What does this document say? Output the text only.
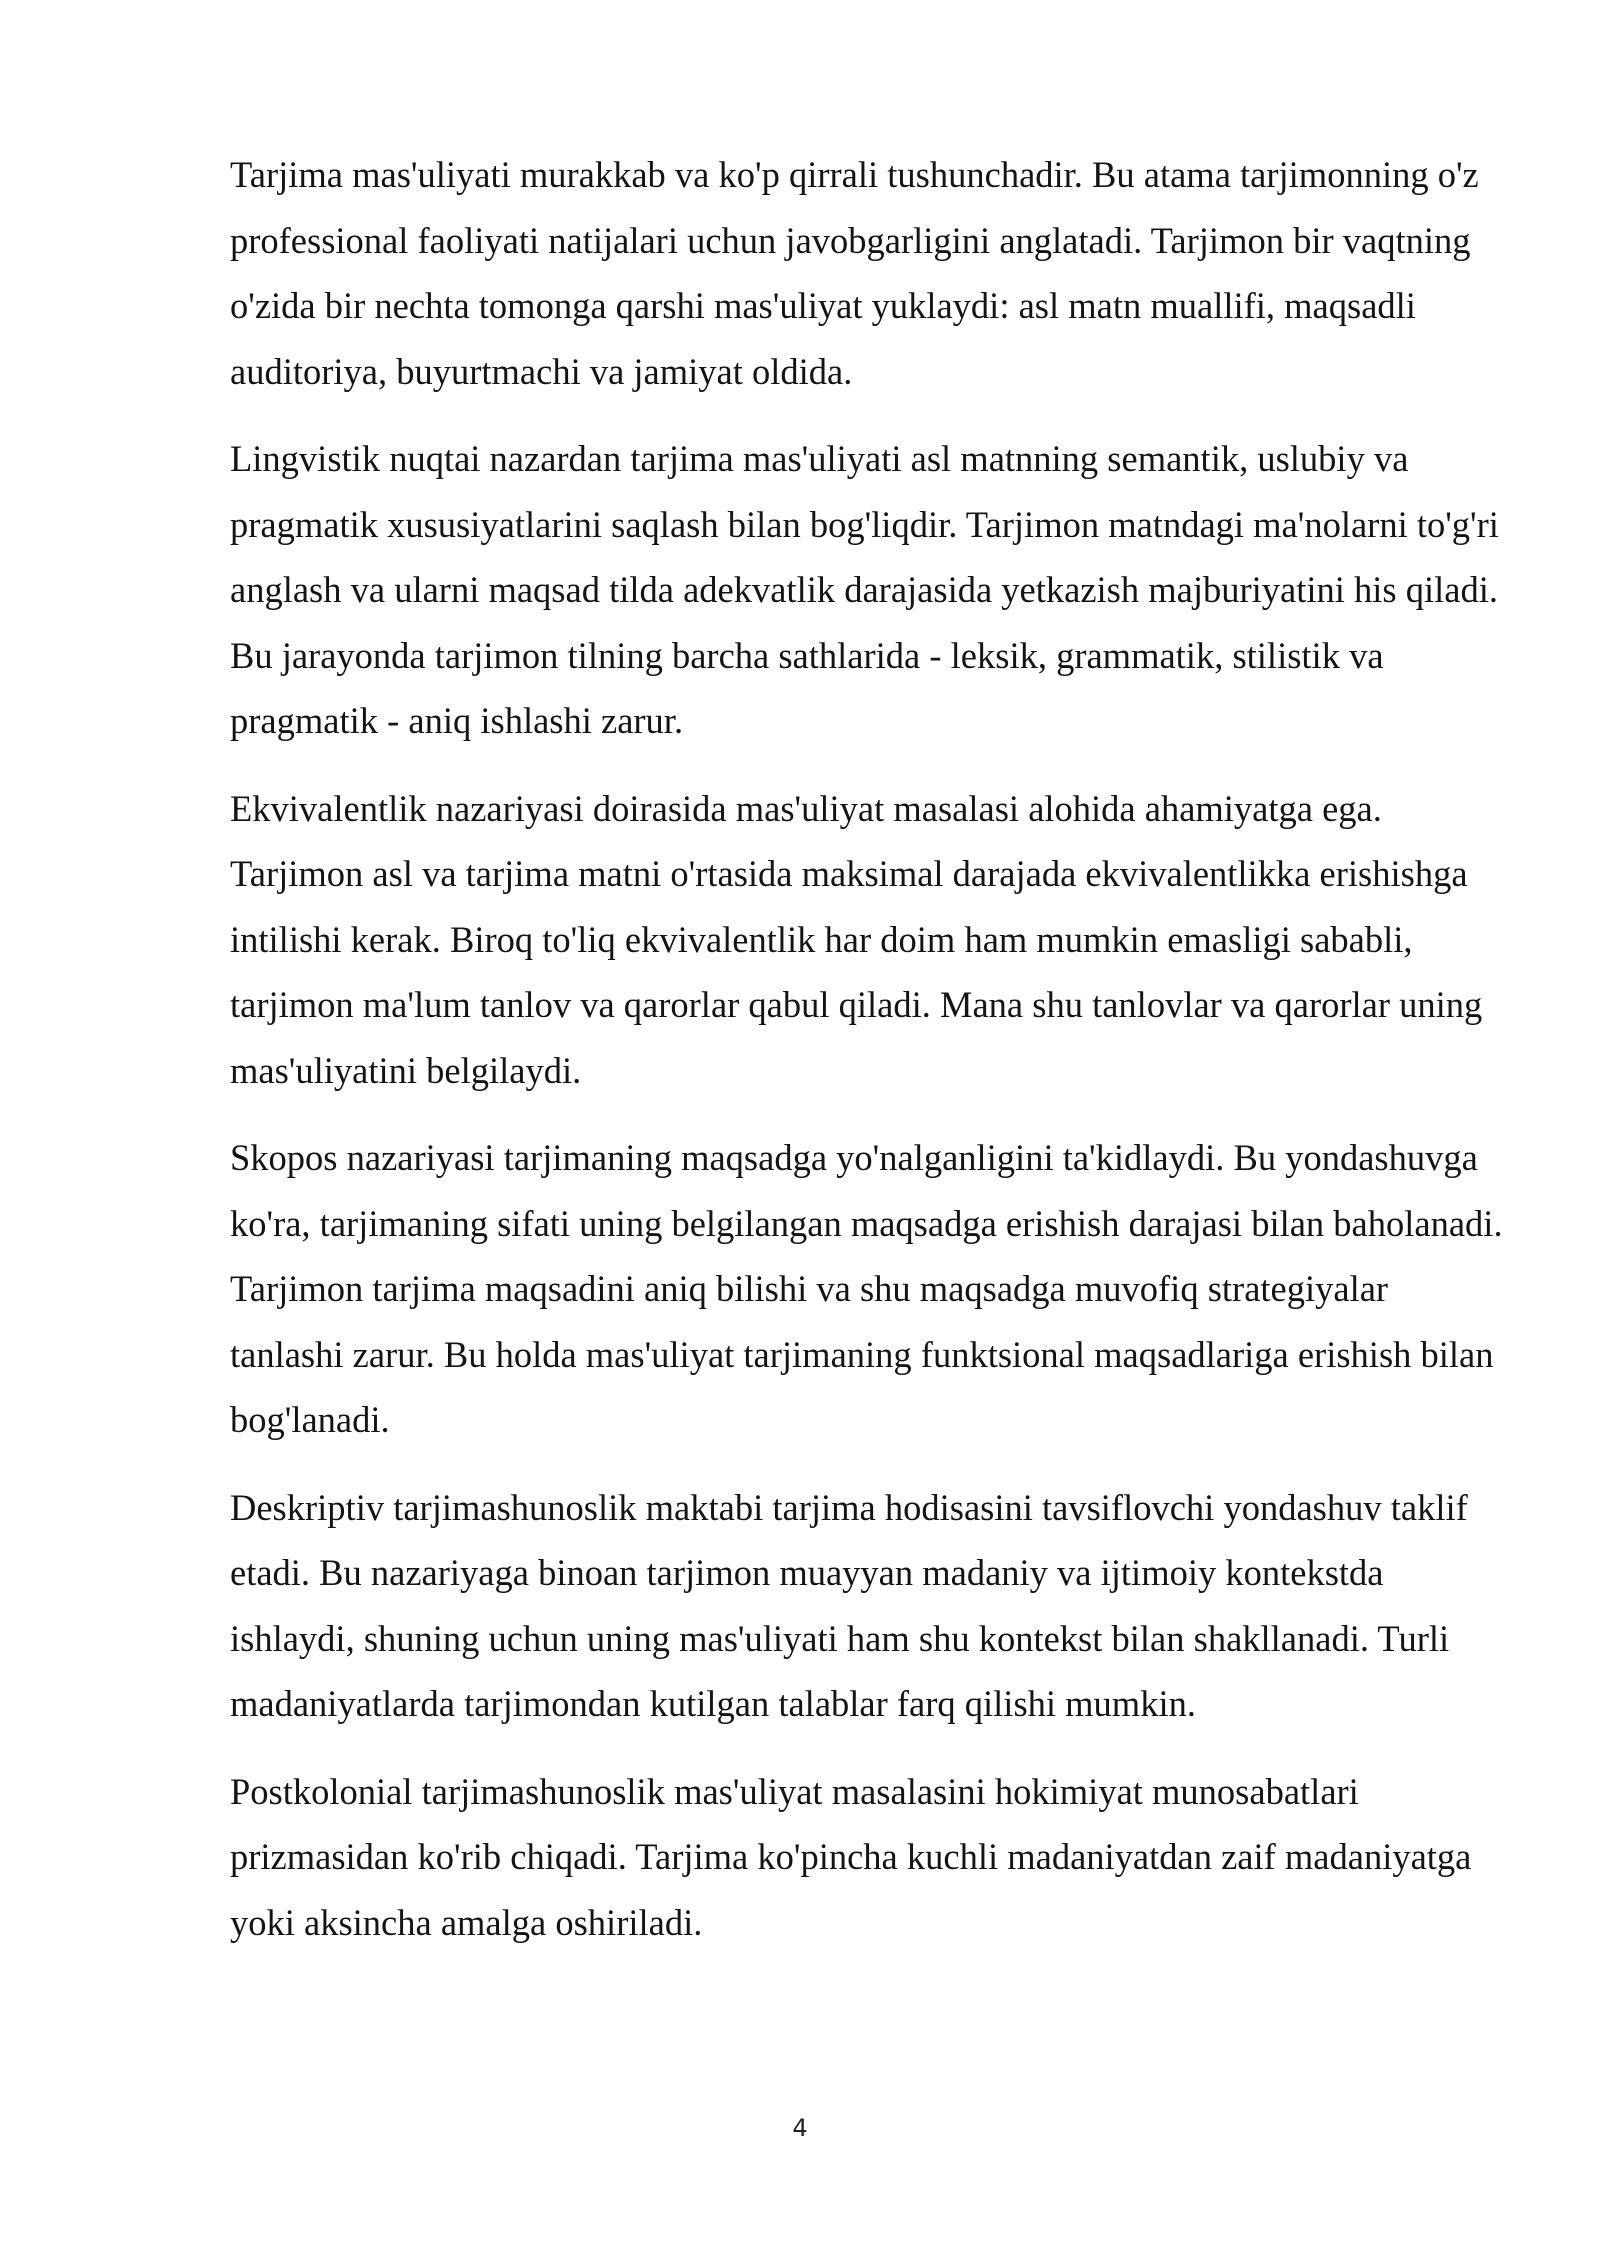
Tarjima mas'uliyati murakkab va ko'p qirrali tushunchadir. Bu atama tarjimonning o'z professional faoliyati natijalari uchun javobgarligini anglatadi. Tarjimon bir vaqtning o'zida bir nechta tomonga qarshi mas'uliyat yuklaydi: asl matn muallifi, maqsadli auditoriya, buyurtmachi va jamiyat oldida.

Lingvistik nuqtai nazardan tarjima mas'uliyati asl matnning semantik, uslubiy va pragmatik xususiyatlarini saqlash bilan bog'liqdir. Tarjimon matndagi ma'nolarni to'g'ri anglash va ularni maqsad tilda adekvatlik darajasida yetkazish majburiyatini his qiladi. Bu jarayonda tarjimon tilning barcha sathlarida - leksik, grammatik, stilistik va pragmatik - aniq ishlashi zarur.

Ekvivalentlik nazariyasi doirasida mas'uliyat masalasi alohida ahamiyatga ega. Tarjimon asl va tarjima matni o'rtasida maksimal darajada ekvivalentlikka erishishga intilishi kerak. Biroq to'liq ekvivalentlik har doim ham mumkin emasligi sababli, tarjimon ma'lum tanlov va qarorlar qabul qiladi. Mana shu tanlovlar va qarorlar uning mas'uliyatini belgilaydi.

Skopos nazariyasi tarjimaning maqsadga yo'nalganligini ta'kidlaydi. Bu yondashuvga ko'ra, tarjimaning sifati uning belgilangan maqsadga erishish darajasi bilan baholanadi. Tarjimon tarjima maqsadini aniq bilishi va shu maqsadga muvofiq strategiyalar tanlashi zarur. Bu holda mas'uliyat tarjimaning funktsional maqsadlariga erishish bilan bog'lanadi.

Deskriptiv tarjimashunoslik maktabi tarjima hodisasini tavsiflovchi yondashuv taklif etadi. Bu nazariyaga binoan tarjimon muayyan madaniy va ijtimoiy kontekstda ishlaydi, shuning uchun uning mas'uliyati ham shu kontekst bilan shakllanadi. Turli madaniyatlarda tarjimondan kutilgan talablar farq qilishi mumkin.

Postkolonial tarjimashunoslik mas'uliyat masalasini hokimiyat munosabatlari prizmasidan ko'rib chiqadi. Tarjima ko'pincha kuchli madaniyatdan zaif madaniyatga yoki aksincha amalga oshiriladi.

4
